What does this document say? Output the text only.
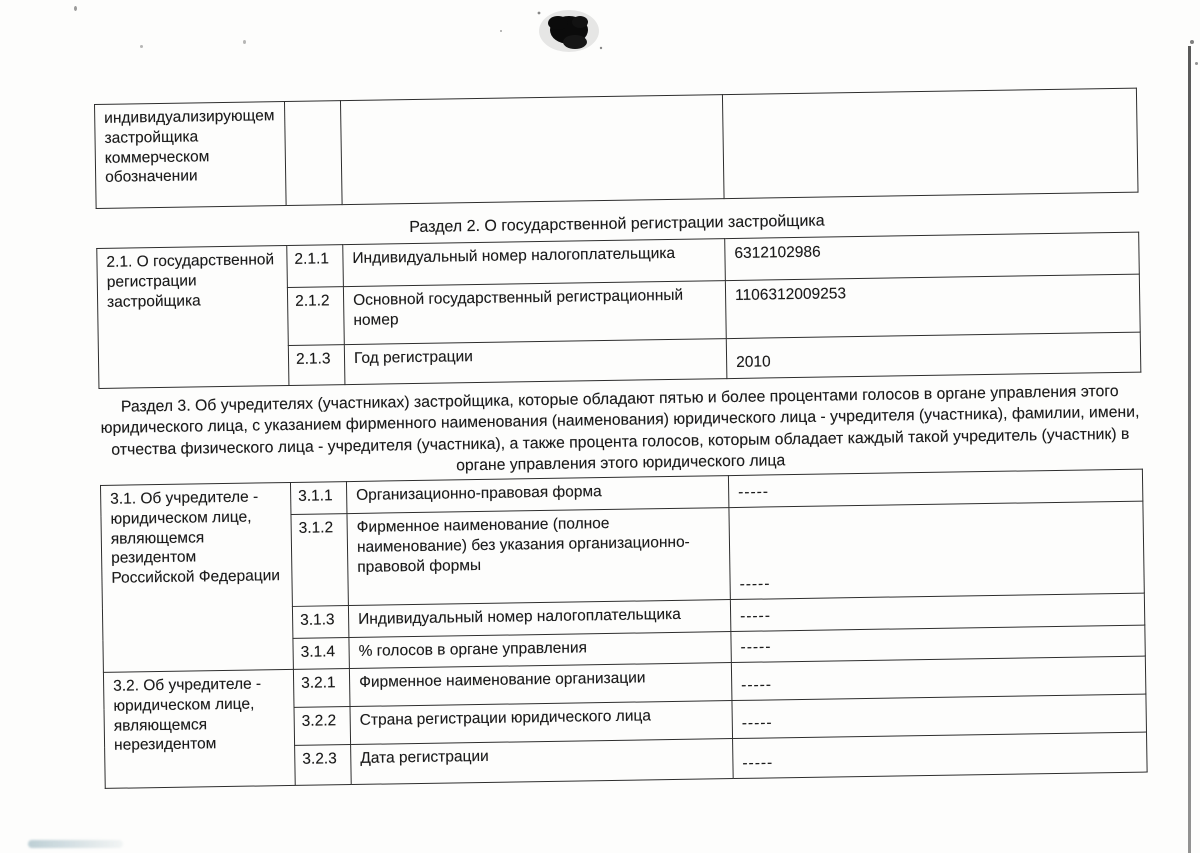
индивидуализирующем застройщика коммерческом обозначении			
Раздел 2. О государственной регистрации застройщика
2.1. О государственной регистрации застройщика	2.1.1	Индивидуальный номер налогоплательщика	6312102986
	2.1.2	Основной государственный регистрационный номер	1106312009253
	2.1.3	Год регистрации	2010
Раздел 3. Об учредителях (участниках) застройщика, которые обладают пятью и более процентами голосов в органе управления этого юридического лица, с указанием фирменного наименования (наименования) юридического лица - учредителя (участника), фамилии, имени, отчества физического лица - учредителя (участника), а также процента голосов, которым обладает каждый такой учредитель (участник) в органе управления этого юридического лица
3.1. Об учредителе - юридическом лице, являющемся резидентом Российской Федерации	3.1.1	Организационно-правовая форма	-----
	3.1.2	Фирменное наименование (полное наименование) без указания организационно-правовой формы	-----
	3.1.3	Индивидуальный номер налогоплательщика	-----
	3.1.4	% голосов в органе управления	-----
3.2. Об учредителе - юридическом лице, являющемся нерезидентом	3.2.1	Фирменное наименование организации	-----
	3.2.2	Страна регистрации юридического лица	-----
	3.2.3	Дата регистрации	-----
